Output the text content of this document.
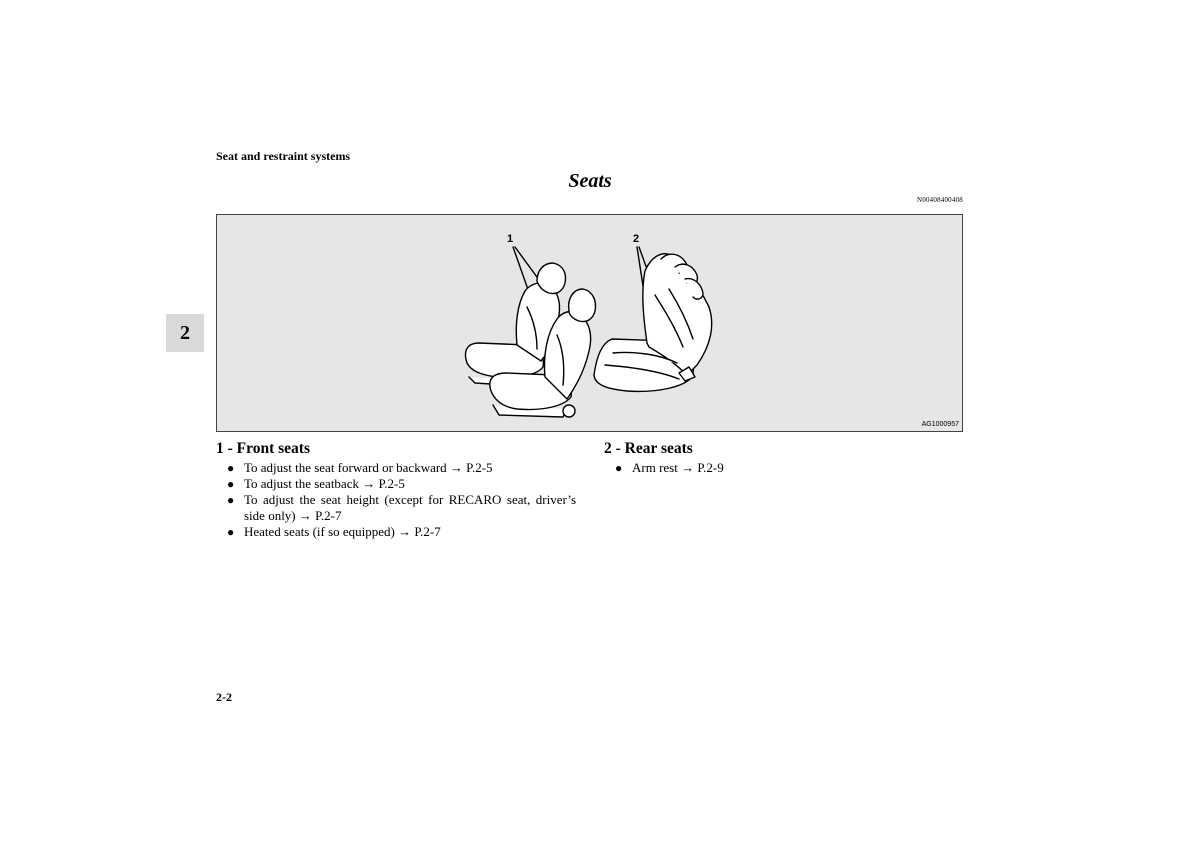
Seat and restraint systems
Seats
N00408400408
2
1	2
AG1000957
1 - Front seats
● To adjust the seat forward or backward → P.2-5
● To adjust the seatback → P.2-5
● To adjust the seat height (except for RECARO seat, driver’s side only) → P.2-7
● Heated seats (if so equipped) → P.2-7
2 - Rear seats
● Arm rest → P.2-9
2-2
